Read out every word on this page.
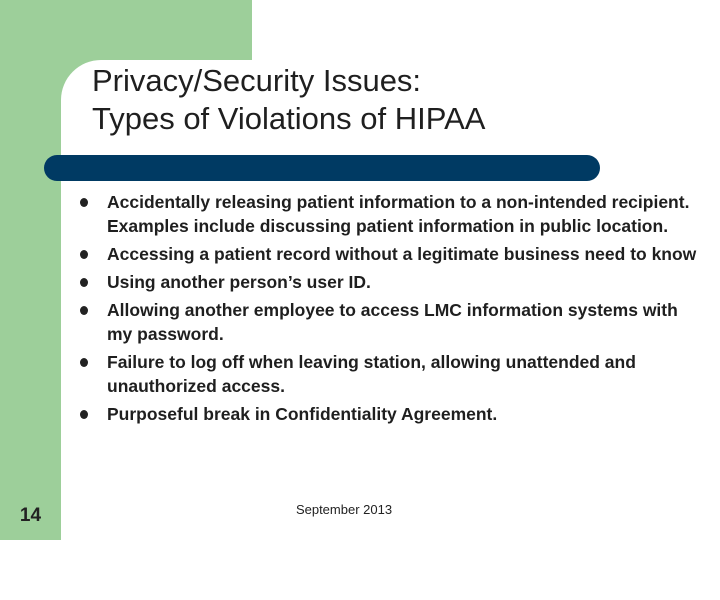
Privacy/Security Issues:
Types of Violations of HIPAA
Accidentally releasing patient information to a non-intended recipient. Examples include discussing patient information in public location.
Accessing a patient record without a legitimate business need to know
Using another person’s user ID.
Allowing another employee to access LMC information systems with my password.
Failure to log off when leaving station, allowing unattended and unauthorized access.
Purposeful break in Confidentiality Agreement.
September 2013
14
